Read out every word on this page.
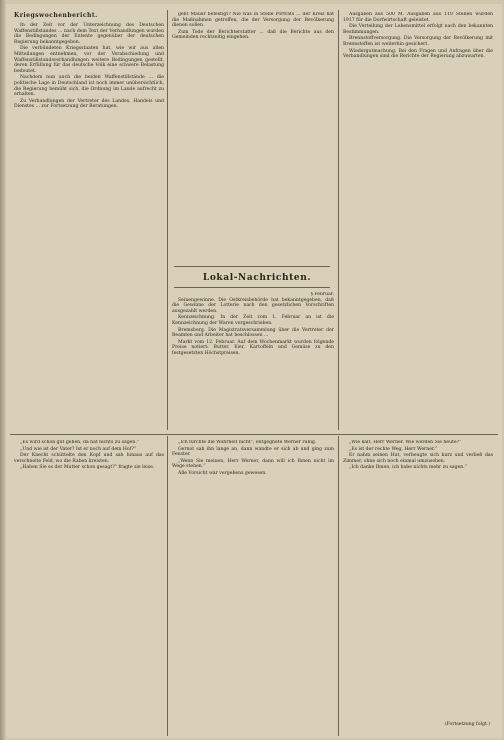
Kriegswochenbericht.

In der Zeit vor der Unterzeichnung des Deutschen Waffenstillstandes ... nach dem Text der Verhandlungen wurden die Bedingungen der Entente gegenüber der deutschen Regierung bekanntgegeben.

Die verbündeten Kriegsstaaten hat, wie wir aus allen Mitteilungen entnehmen, vor der Verabschiedung und Waffenstillstandsverhandlungen weitere Bedingungen gestellt, deren Erfüllung für das deutsche Volk eine schwere Belastung bedeutet.

Nachdem nun auch die beiden Waffenstillstände ... die politische Lage in Deutschland ist noch immer unübersichtlich, die Regierung bemüht sich, die Ordnung im Lande aufrecht zu erhalten.

Zu Verhandlungen der Vertreter des Landes, Handels und Dienstes ... zur Fortsetzung der Beratungen.

geht Mauer befestigt? Nie was in Stelle Porträts ... der Kreis hat die Maßnahmen getroffen, die der Versorgung der Bevölkerung dienen sollen.

Zum Tode der Berichterstatter ... daß die Berichte aus den Gemeinden rechtzeitig eingehen.

Lokal-Nachrichten.
§ Februar.

Seinengewinne. Die Ostkreisbehörde hat bekanntgegeben, daß die Gewinne der Lotterie nach den gesetzlichen Vorschriften ausgezahlt werden.

Kennzeichnung. In der Zeit vom 1. Februar an ist die Kennzeichnung der Waren vorgeschrieben.

Bremsberg. Die Magistratsversammlung über die Vertreter der Beamten und Arbeiter hat beschlossen ...

Markt vom 12. Februar. Auf dem Wochenmarkt wurden folgende Preise notiert: Butter, Eier, Kartoffeln und Gemüse zu den festgesetzten Höchstpreisen.

Ausgaben aus 500 M. Ausgaben aus 110 Stellen wurden 1917 für die Dorfwirtschaft geleistet.

Die Verteilung der Lebensmittel erfolgt nach den bekannten Bestimmungen.

Brennstoffversorgung. Die Versorgung der Bevölkerung mit Brennstoffen ist weiterhin gesichert.

Wiedergutmachung. Bei den Fragen und Anfragen über die Verhandlungen sind die Berichte der Regierung abzuwarten.

„Es wird schon gut gehen, da hat nichts zu sagen.“

„Und wie ist der Vater? Ist er noch auf dem Hof?“

Der Knecht schüttelte den Kopf und sah hinaus auf das verschneite Feld, wo die Raben kreisten.

„Haben Sie es der Mutter schon gesagt?“ fragte sie leise.

„Ich fürchte die Wahrheit nicht“, entgegnete Werner ruhig.

Gernot sah ihn lange an, dann wandte er sich ab und ging zum Fenster.

„Wenn Sie meinen, Herr Werner, dann will ich Ihnen nicht im Wege stehen.“

Alle Vorsicht war vergebens gewesen.

„Wie kalt, Herr Werner. Wie werden Sie heute?“

„Es ist der rechte Weg, Herr Werner.“

Er nahm seinen Hut, verbeugte sich kurz und verließ das Zimmer, ohne sich noch einmal umzusehen.

„Ich danke Ihnen, ich habe nichts mehr zu sagen.“

(Fortsetzung folgt.)
